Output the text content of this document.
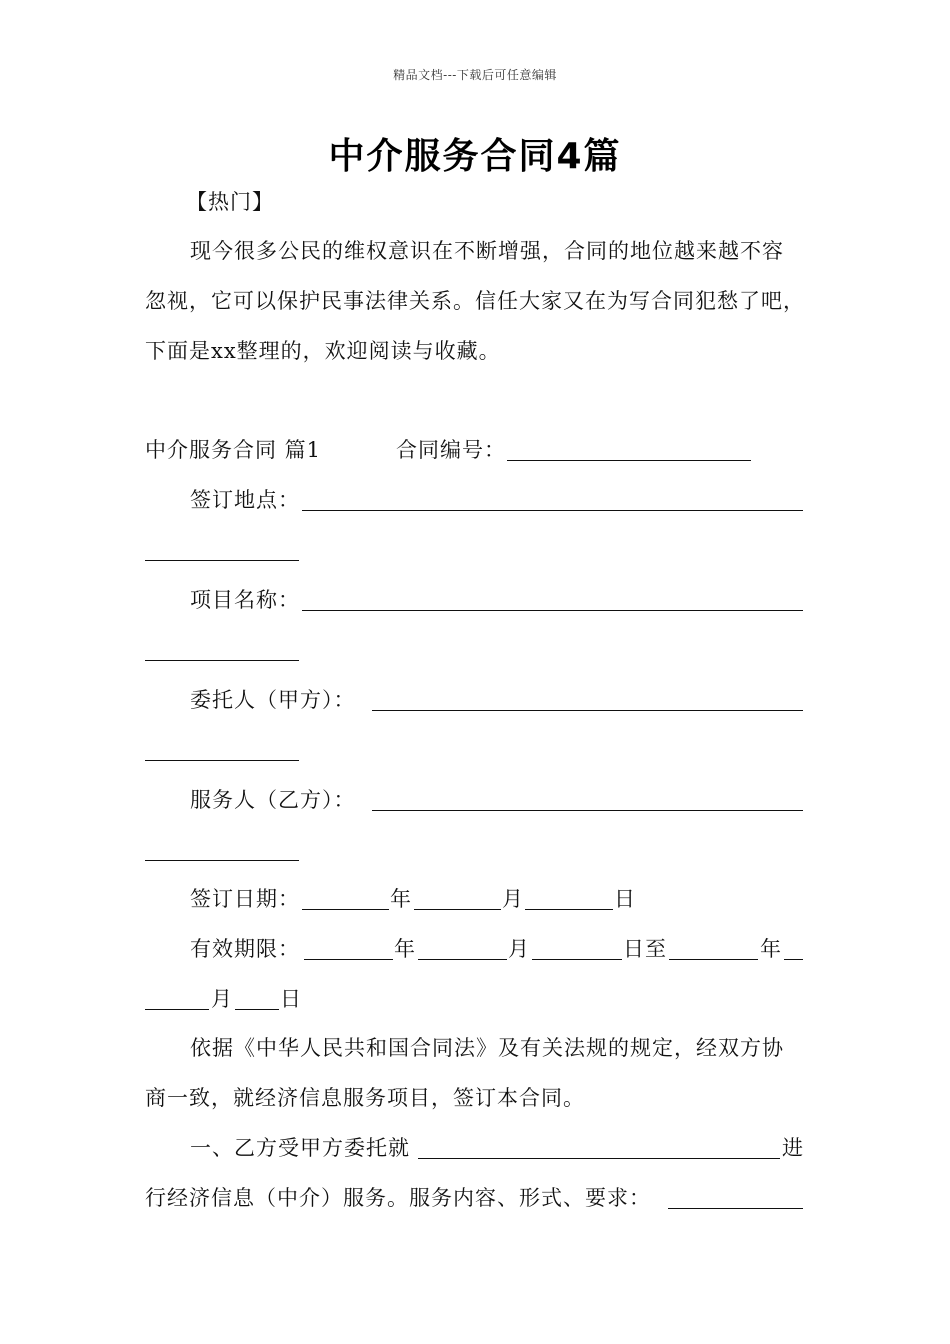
精品文档---下载后可任意编辑
中介服务合同4篇
【热门】
现今很多公民的维权意识在不断增强，合同的地位越来越不容
忽视，它可以保护民事法律关系。信任大家又在为写合同犯愁了吧，
下面是xx整理的，欢迎阅读与收藏。
中介服务合同 篇1	合同编号：
签订地点：
项目名称：
委托人（甲方）：
服务人（乙方）：
签订日期：	年	月	日
有效期限：	年	月	日至	年
月 日
依据《中华人民共和国合同法》及有关法规的规定，经双方协
商一致，就经济信息服务项目，签订本合同。
一、乙方受甲方委托就	进
行经济信息（中介）服务。服务内容、形式、要求：
